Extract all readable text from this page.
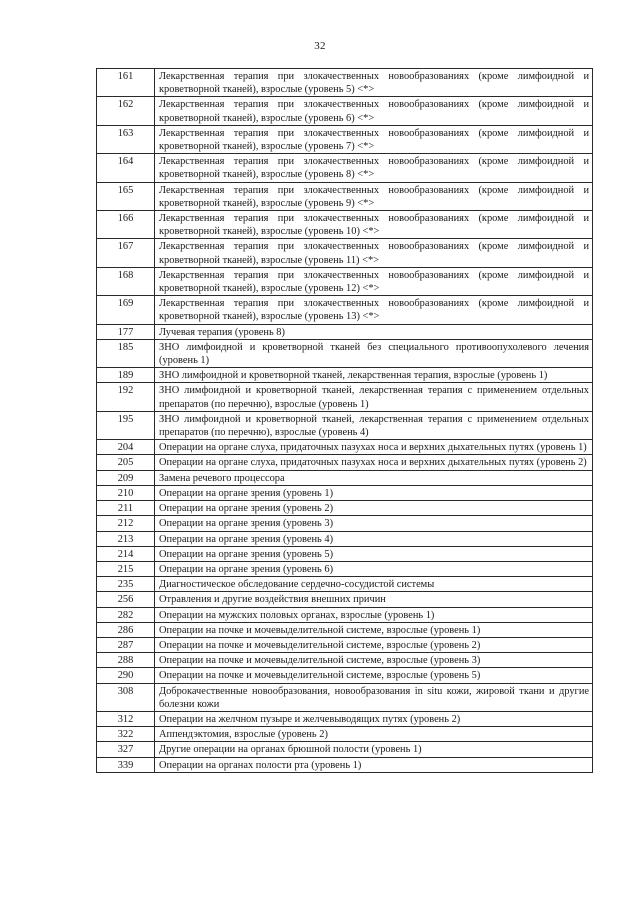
32
161	Лекарственная терапия при злокачественных новообразованиях (кроме лимфоидной и кроветворной тканей), взрослые (уровень 5) <*>
162	Лекарственная терапия при злокачественных новообразованиях (кроме лимфоидной и кроветворной тканей), взрослые (уровень 6) <*>
163	Лекарственная терапия при злокачественных новообразованиях (кроме лимфоидной и кроветворной тканей), взрослые (уровень 7) <*>
164	Лекарственная терапия при злокачественных новообразованиях (кроме лимфоидной и кроветворной тканей), взрослые (уровень 8) <*>
165	Лекарственная терапия при злокачественных новообразованиях (кроме лимфоидной и кроветворной тканей), взрослые (уровень 9) <*>
166	Лекарственная терапия при злокачественных новообразованиях (кроме лимфоидной и кроветворной тканей), взрослые (уровень 10) <*>
167	Лекарственная терапия при злокачественных новообразованиях (кроме лимфоидной и кроветворной тканей), взрослые (уровень 11) <*>
168	Лекарственная терапия при злокачественных новообразованиях (кроме лимфоидной и кроветворной тканей), взрослые (уровень 12) <*>
169	Лекарственная терапия при злокачественных новообразованиях (кроме лимфоидной и кроветворной тканей), взрослые (уровень 13) <*>
177	Лучевая терапия (уровень 8)
185	ЗНО лимфоидной и кроветворной тканей без специального противоопухолевого лечения (уровень 1)
189	ЗНО лимфоидной и кроветворной тканей, лекарственная терапия, взрослые (уровень 1)
192	ЗНО лимфоидной и кроветворной тканей, лекарственная терапия с применением отдельных препаратов (по перечню), взрослые (уровень 1)
195	ЗНО лимфоидной и кроветворной тканей, лекарственная терапия с применением отдельных препаратов (по перечню), взрослые (уровень 4)
204	Операции на органе слуха, придаточных пазухах носа и верхних дыхательных путях (уровень 1)
205	Операции на органе слуха, придаточных пазухах носа и верхних дыхательных путях (уровень 2)
209	Замена речевого процессора
210	Операции на органе зрения (уровень 1)
211	Операции на органе зрения (уровень 2)
212	Операции на органе зрения (уровень 3)
213	Операции на органе зрения (уровень 4)
214	Операции на органе зрения (уровень 5)
215	Операции на органе зрения (уровень 6)
235	Диагностическое обследование сердечно-сосудистой системы
256	Отравления и другие воздействия внешних причин
282	Операции на мужских половых органах, взрослые (уровень 1)
286	Операции на почке и мочевыделительной системе, взрослые (уровень 1)
287	Операции на почке и мочевыделительной системе, взрослые (уровень 2)
288	Операции на почке и мочевыделительной системе, взрослые (уровень 3)
290	Операции на почке и мочевыделительной системе, взрослые (уровень 5)
308	Доброкачественные новообразования, новообразования in situ кожи, жировой ткани и другие болезни кожи
312	Операции на желчном пузыре и желчевыводящих путях (уровень 2)
322	Аппендэктомия, взрослые (уровень 2)
327	Другие операции на органах брюшной полости (уровень 1)
339	Операции на органах полости рта (уровень 1)
